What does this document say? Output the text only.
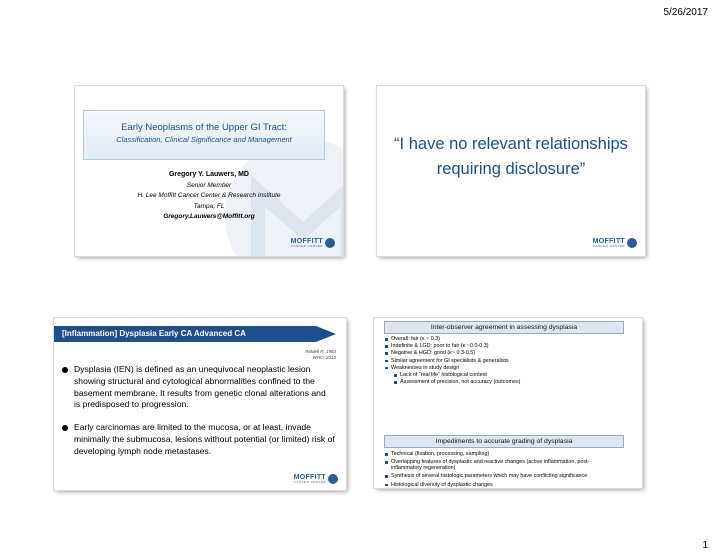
5/26/2017
Early Neoplasms of the Upper GI Tract:
Classification, Clinical Significance and Management
Gregory Y. Lauwers, MD
Senior Member
H. Lee Moffitt Cancer Center & Research Institute
Tampa, FL
Gregory.Lauwers@Moffitt.org
MOFFITT
CANCER CENTER
“I have no relevant relationships
requiring disclosure”
MOFFITT
CANCER CENTER
[Inflammation] Dysplasia Early CA Advanced CA
Riddell R, 1983
WHO, 2010
Dysplasia (IEN) is defined as an unequivocal neoplastic lesion showing structural and cytological abnormalities confined to the basement membrane. It results from genetic clonal alterations and is predisposed to progression.
Early carcinomas are limited to the mucosa, or at least, invade minimally the submucosa, lesions without potential (or limited) risk of developing lymph node metastases.
MOFFITT
CANCER CENTER
Inter-observer agreement in assessing dysplasia
Overall: fair (κ ~ 0.3)
Indefinite & LGD: poor to fair (κ ~0.0-0.3)
Negative & HGD: good (κ~ 0.3-0.5)
Similar agreement for GI specialists & generalists
Weaknesses in study design
Lack of “real life” histological context
Assessment of precision, not accuracy (outcomes)
Impediments to accurate grading of dysplasia
Technical (fixation, processing, sampling)
Overlapping features of dysplastic and reactive changes (active inflammation, post-inflammatory regeneration)
Synthesis of several histologic parameters which may have conflicting significance
Histological diversity of dysplastic changes
1
